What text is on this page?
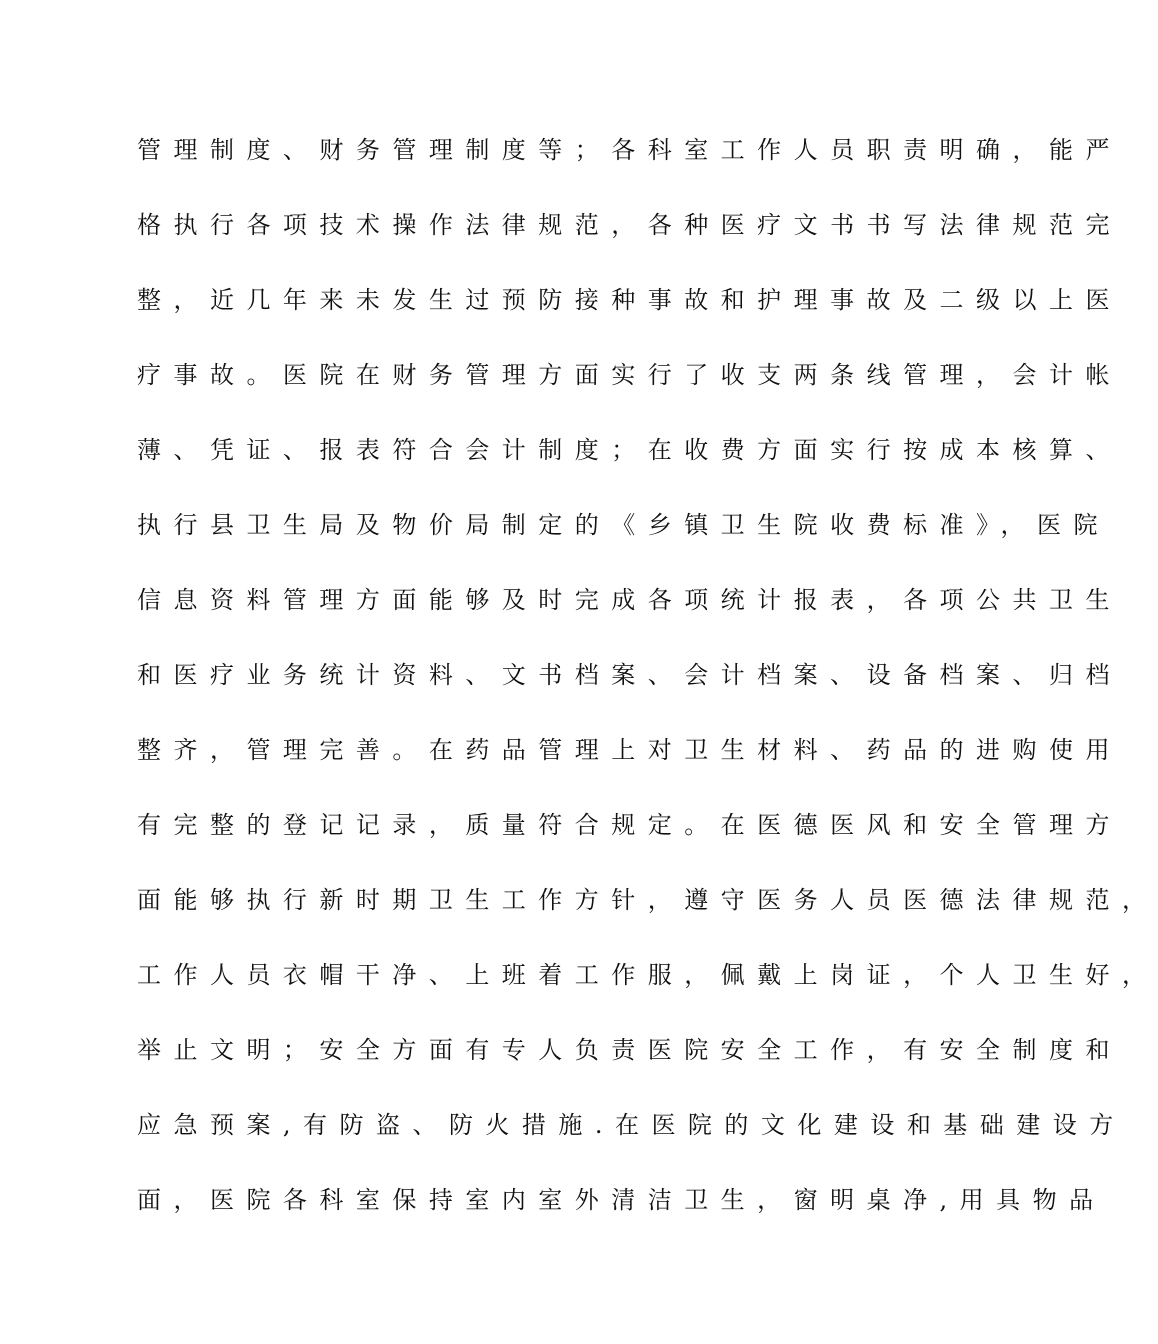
管理制度、财务管理制度等；各科室工作人员职责明确，能严
格执行各项技术操作法律规范，各种医疗文书书写法律规范完
整，近几年来未发生过预防接种事故和护理事故及二级以上医
疗事故。医院在财务管理方面实行了收支两条线管理，会计帐
薄、凭证、报表符合会计制度；在收费方面实行按成本核算、
执行县卫生局及物价局制定的《乡镇卫生院收费标准》，医院
信息资料管理方面能够及时完成各项统计报表，各项公共卫生
和医疗业务统计资料、文书档案、会计档案、设备档案、归档
整齐，管理完善。在药品管理上对卫生材料、药品的进购使用
有完整的登记记录，质量符合规定。在医德医风和安全管理方
面能够执行新时期卫生工作方针，遵守医务人员医德法律规范，
工作人员衣帽干净、上班着工作服，佩戴上岗证，个人卫生好，
举止文明；安全方面有专人负责医院安全工作，有安全制度和
应急预案,有防盗、防火措施.在医院的文化建设和基础建设方
面，医院各科室保持室内室外清洁卫生，窗明桌净,用具物品
